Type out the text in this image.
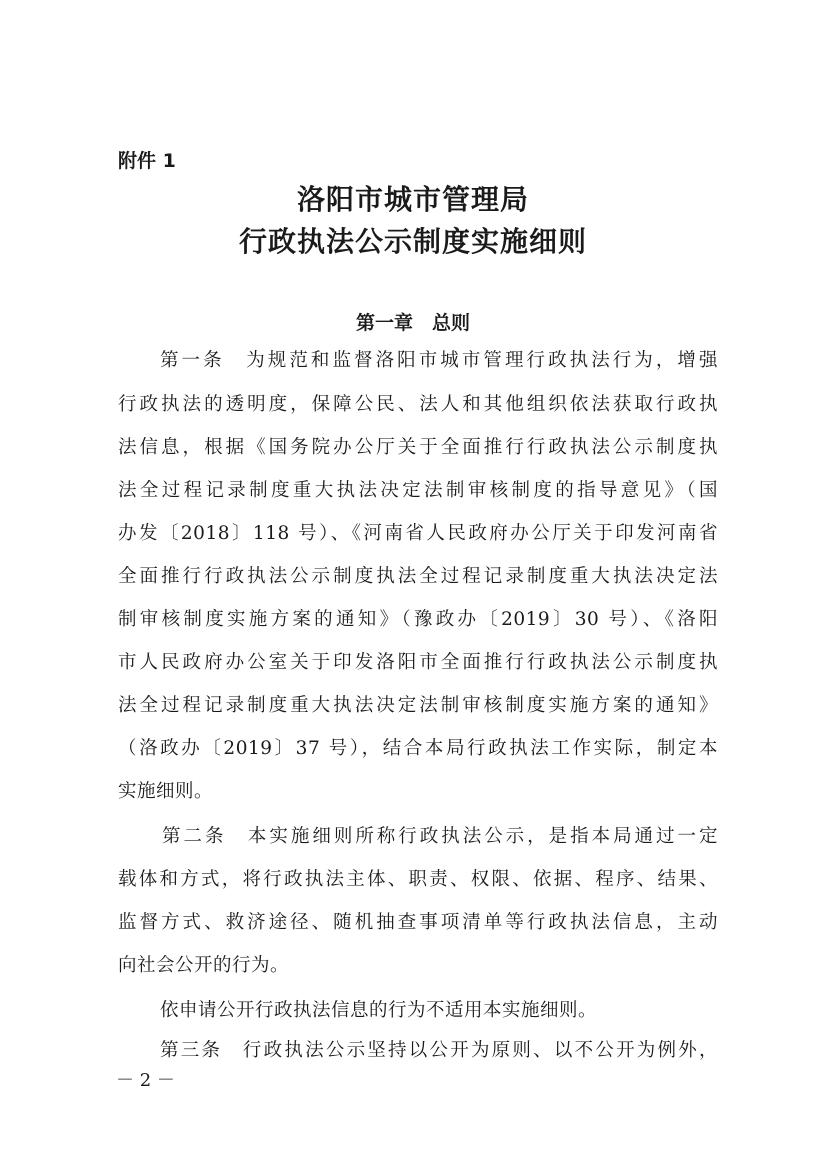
附件 1
洛阳市城市管理局
行政执法公示制度实施细则
第一章　总则
第一条　为规范和监督洛阳市城市管理行政执法行为，增强
行政执法的透明度，保障公民、法人和其他组织依法获取行政执
法信息，根据《国务院办公厅关于全面推行行政执法公示制度执
法全过程记录制度重大执法决定法制审核制度的指导意见》（国
办发〔2018〕118 号）、《河南省人民政府办公厅关于印发河南省
全面推行行政执法公示制度执法全过程记录制度重大执法决定法
制审核制度实施方案的通知》（豫政办〔2019〕30 号）、《洛阳
市人民政府办公室关于印发洛阳市全面推行行政执法公示制度执
法全过程记录制度重大执法决定法制审核制度实施方案的通知》
（洛政办〔2019〕37 号），结合本局行政执法工作实际，制定本
实施细则。
第二条　本实施细则所称行政执法公示，是指本局通过一定
载体和方式，将行政执法主体、职责、权限、依据、程序、结果、
监督方式、救济途径、随机抽查事项清单等行政执法信息，主动
向社会公开的行为。
依申请公开行政执法信息的行为不适用本实施细则。
第三条　行政执法公示坚持以公开为原则、以不公开为例外，
－ 2 －
